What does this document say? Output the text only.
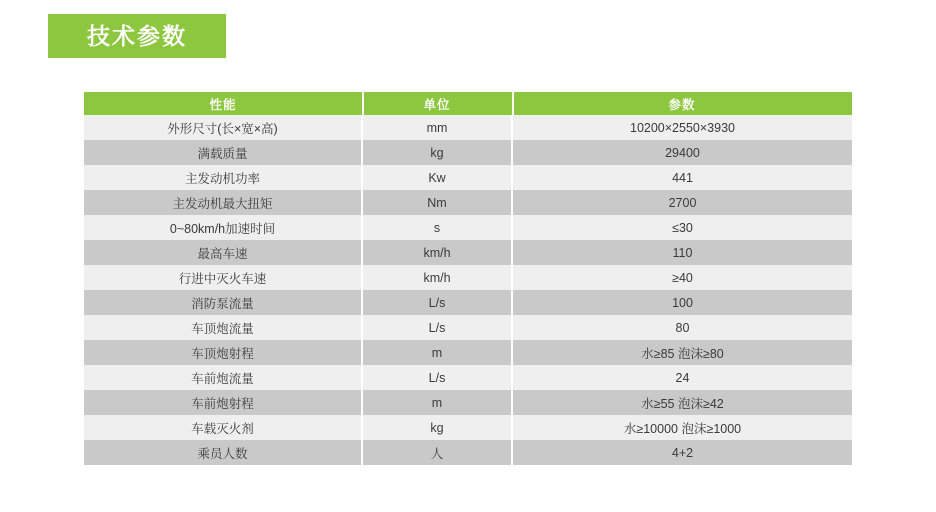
技术参数
性能	单位	参数
外形尺寸(长×宽×高)	mm	10200×2550×3930
满载质量	kg	29400
主发动机功率	Kw	441
主发动机最大扭矩	Nm	2700
0~80km/h加速时间	s	≤30
最高车速	km/h	110
行进中灭火车速	km/h	≥40
消防泵流量	L/s	100
车顶炮流量	L/s	80
车顶炮射程	m	水≥85 泡沫≥80
车前炮流量	L/s	24
车前炮射程	m	水≥55 泡沫≥42
车载灭火剂	kg	水≥10000 泡沫≥1000
乘员人数	人	4+2
